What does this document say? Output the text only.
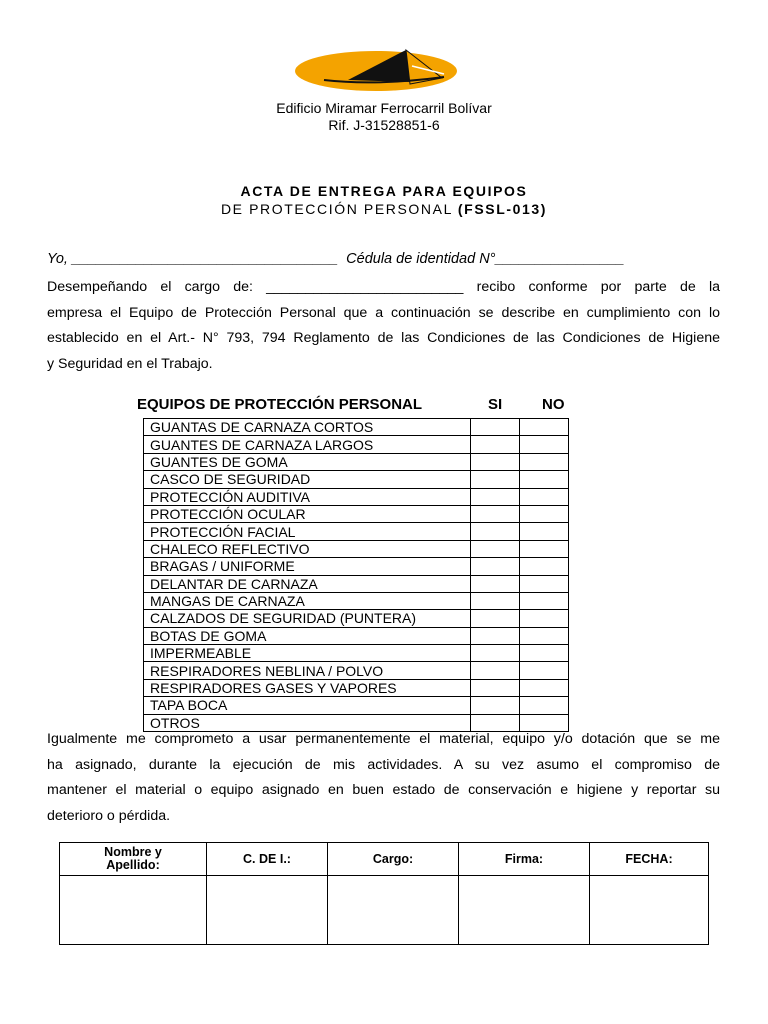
Edificio Miramar Ferrocarril Bolívar
Rif. J-31528851-6
ACTA DE ENTREGA PARA EQUIPOS
DE PROTECCIÓN PERSONAL (FSSL-013)
Yo, _________________________________  Cédula de identidad N°________________

Desempeñando el cargo de: _________________________ recibo conforme por parte de la
empresa el Equipo de Protección Personal que a continuación se describe en cumplimiento con lo
establecido en el Art.- N° 793, 794 Reglamento de las Condiciones de las Condiciones de Higiene
y Seguridad en el Trabajo.

EQUIPOS DE PROTECCIÓN PERSONAL	SI	NO
GUANTAS DE CARNAZA CORTOS		
GUANTES DE CARNAZA LARGOS		
GUANTES DE GOMA		
CASCO DE SEGURIDAD		
PROTECCIÓN AUDITIVA		
PROTECCIÓN OCULAR		
PROTECCIÓN FACIAL		
CHALECO REFLECTIVO		
BRAGAS / UNIFORME		
DELANTAR DE CARNAZA		
MANGAS DE CARNAZA		
CALZADOS DE SEGURIDAD (PUNTERA)		
BOTAS DE GOMA		
IMPERMEABLE		
RESPIRADORES NEBLINA / POLVO		
RESPIRADORES GASES Y VAPORES		
TAPA BOCA		
OTROS		

Igualmente me comprometo a usar permanentemente el material, equipo y/o dotación que se me
ha asignado, durante la ejecución de mis actividades. A su vez asumo el compromiso de
mantener el material o equipo asignado en buen estado de conservación e higiene y reportar su
deterioro o pérdida.

Nombre y
Apellido:	C. DE I.:	Cargo:	Firma:	FECHA:
